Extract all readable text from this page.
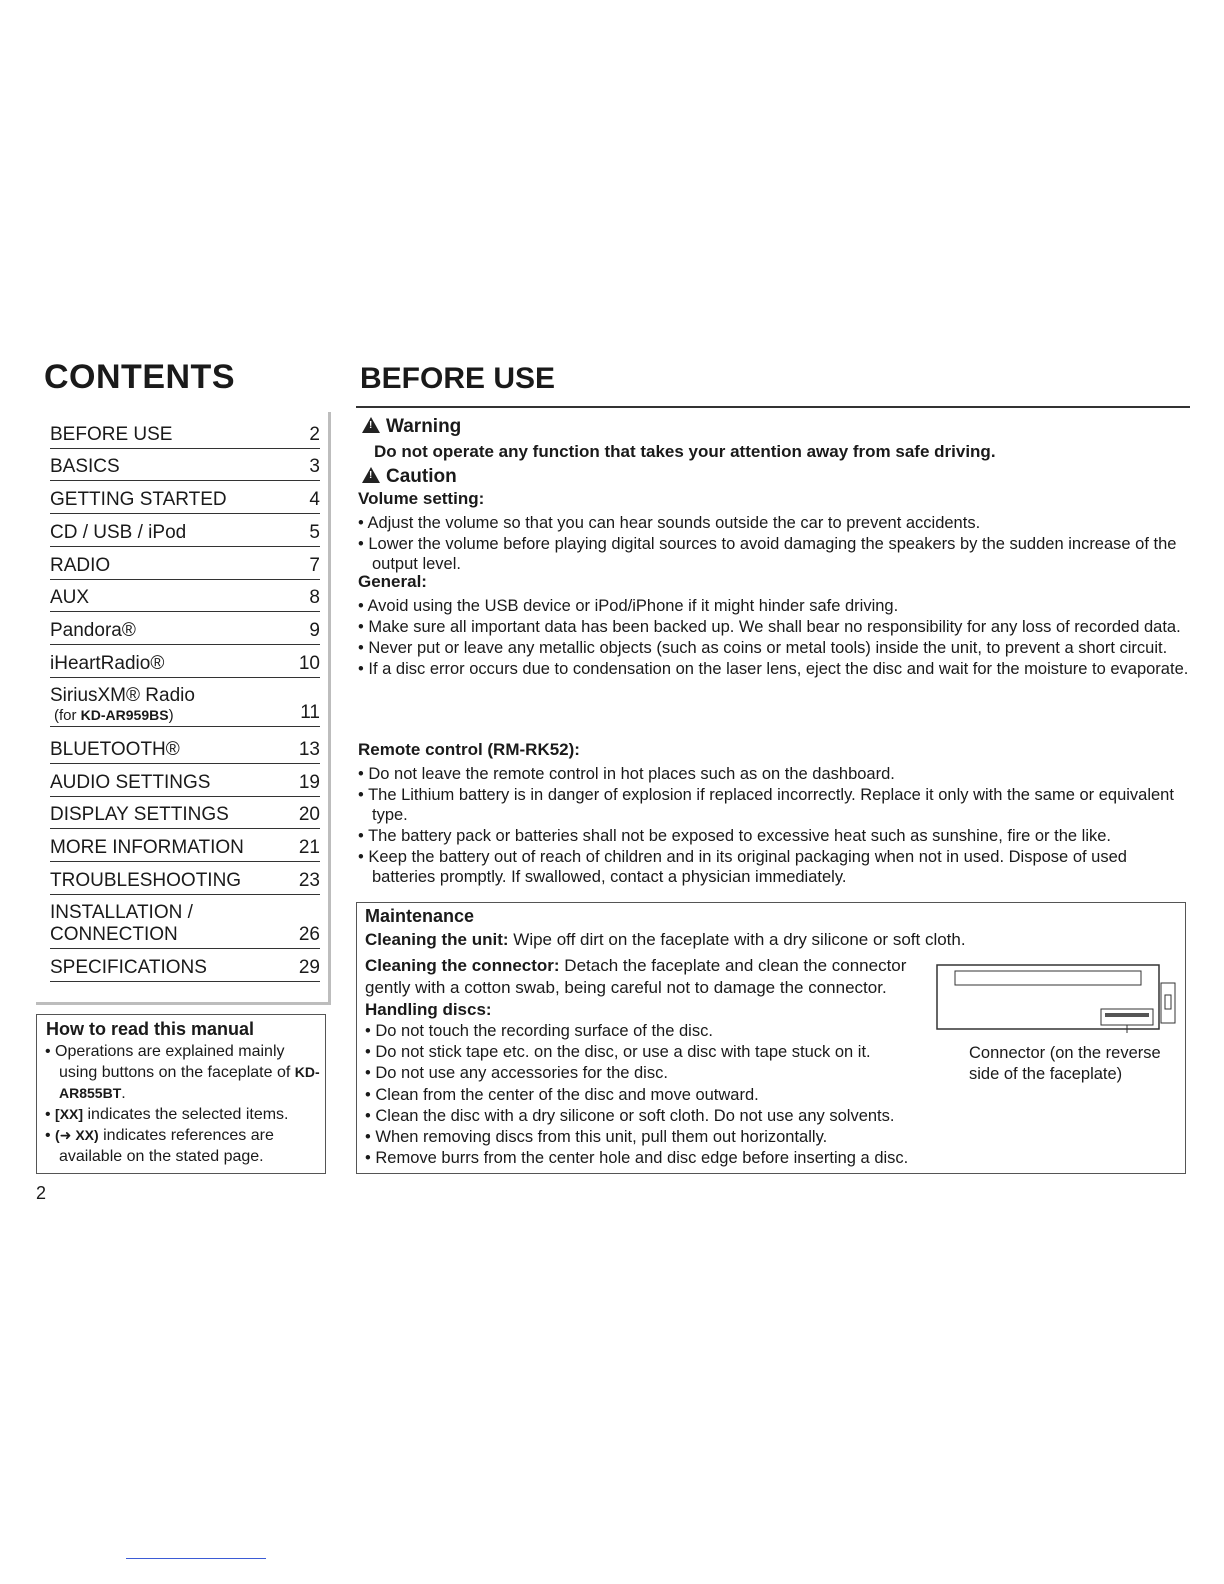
CONTENTS
BEFORE USE	2
BASICS	3
GETTING STARTED	4
CD / USB / iPod	5
RADIO	7
AUX	8
Pandora®	9
iHeartRadio®	10
SiriusXM® Radio
(for KD-AR959BS)	11
BLUETOOTH®	13
AUDIO SETTINGS	19
DISPLAY SETTINGS	20
MORE INFORMATION	21
TROUBLESHOOTING	23
INSTALLATION /
CONNECTION	26
SPECIFICATIONS	29
How to read this manual
• Operations are explained mainly using buttons on the faceplate of KD-AR855BT.
• [XX] indicates the selected items.
• (➜ XX) indicates references are available on the stated page.
2
BEFORE USE
!Warning
Do not operate any function that takes your attention away from safe driving.
!Caution
Volume setting:
• Adjust the volume so that you can hear sounds outside the car to prevent accidents.
• Lower the volume before playing digital sources to avoid damaging the speakers by the sudden increase of the output level.
General:
• Avoid using the USB device or iPod/iPhone if it might hinder safe driving.
• Make sure all important data has been backed up. We shall bear no responsibility for any loss of recorded data.
• Never put or leave any metallic objects (such as coins or metal tools) inside the unit, to prevent a short circuit.
• If a disc error occurs due to condensation on the laser lens, eject the disc and wait for the moisture to evaporate.
Remote control (RM-RK52):
• Do not leave the remote control in hot places such as on the dashboard.
• The Lithium battery is in danger of explosion if replaced incorrectly. Replace it only with the same or equivalent type.
• The battery pack or batteries shall not be exposed to excessive heat such as sunshine, fire or the like.
• Keep the battery out of reach of children and in its original packaging when not in used. Dispose of used batteries promptly. If swallowed, contact a physician immediately.
Maintenance
Cleaning the unit: Wipe off dirt on the faceplate with a dry silicone or soft cloth.
Cleaning the connector: Detach the faceplate and clean the connector
gently with a cotton swab, being careful not to damage the connector.
Handling discs:
• Do not touch the recording surface of the disc.
• Do not stick tape etc. on the disc, or use a disc with tape stuck on it.
• Do not use any accessories for the disc.
• Clean from the center of the disc and move outward.
• Clean the disc with a dry silicone or soft cloth. Do not use any solvents.
• When removing discs from this unit, pull them out horizontally.
• Remove burrs from the center hole and disc edge before inserting a disc.
Connector (on the reverse side of the faceplate)
